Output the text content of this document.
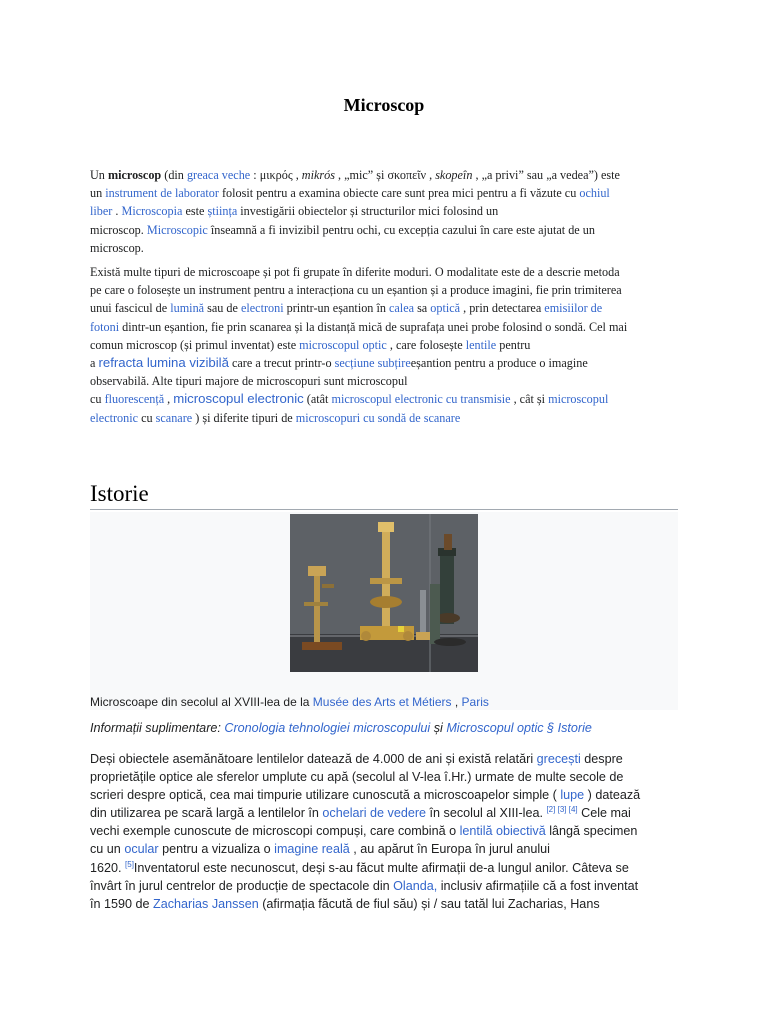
Microscop
Un microscop (din greaca veche : μικρός , mikrós , „mic” și σκοπεῖν , skopeîn , „a privi” sau „a vedea”) este
un instrument de laborator folosit pentru a examina obiecte care sunt prea mici pentru a fi văzute cu ochiul
liber . Microscopia este știința investigării obiectelor și structurilor mici folosind un
microscop. Microscopic înseamnă a fi invizibil pentru ochi, cu excepția cazului în care este ajutat de un
microscop.
Există multe tipuri de microscoape și pot fi grupate în diferite moduri. O modalitate este de a descrie metoda
pe care o folosește un instrument pentru a interacționa cu un eșantion și a produce imagini, fie prin trimiterea
unui fascicul de lumină sau de electroni printr-un eșantion în calea sa optică , prin detectarea emisiilor de
fotoni dintr-un eșantion, fie prin scanarea și la distanță mică de suprafața unei probe folosind o sondă. Cel mai
comun microscop (și primul inventat) este microscopul optic , care folosește lentile pentru
a refracta lumina vizibilă care a trecut printr-o secțiune subțireeșantion pentru a produce o imagine
observabilă. Alte tipuri majore de microscopuri sunt microscopul
cu fluorescență , microscopul electronic (atât microscopul electronic cu transmisie , cât și microscopul
electronic cu scanare ) și diferite tipuri de microscopuri cu sondă de scanare
Istorie
Microscoape din secolul al XVIII-lea de la Musée des Arts et Métiers , Paris
Informații suplimentare: Cronologia tehnologiei microscopului și Microscopul optic § Istorie
Deși obiectele asemănătoare lentilelor datează de 4.000 de ani și există relatări grecești despre
proprietățile optice ale sferelor umplute cu apă (secolul al V-lea î.Hr.) urmate de multe secole de
scrieri despre optică, cea mai timpurie utilizare cunoscută a microscoapelor simple ( lupe ) datează
din utilizarea pe scară largă a lentilelor în ochelari de vedere în secolul al XIII-lea. [2] [3] [4] Cele mai
vechi exemple cunoscute de microscopi compuși, care combină o lentilă obiectivă lângă specimen
cu un ocular pentru a vizualiza o imagine reală , au apărut în Europa în jurul anului
1620. [5]Inventatorul este necunoscut, deși s-au făcut multe afirmații de-a lungul anilor. Câteva se
învârt în jurul centrelor de producție de spectacole din Olanda, inclusiv afirmațiile că a fost inventat
în 1590 de Zacharias Janssen (afirmația făcută de fiul său) și / sau tatăl lui Zacharias, Hans
